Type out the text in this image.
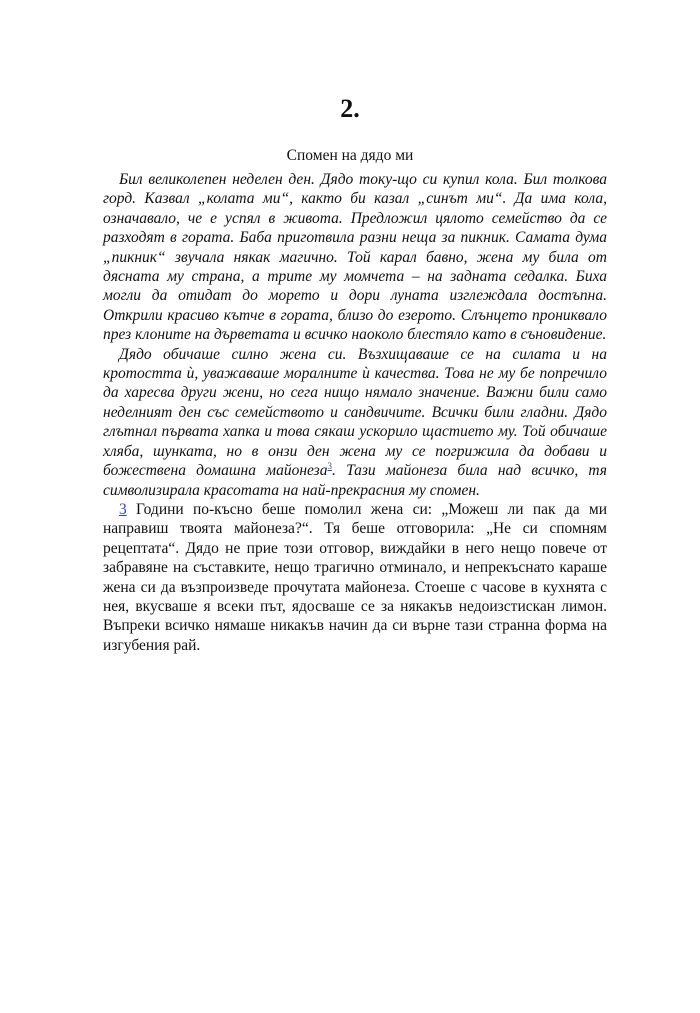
2.
Спомен на дядо ми

Бил великолепен неделен ден. Дядо току-що си купил кола. Бил толкова горд. Казвал „колата ми“, както би казал „синът ми“. Да има кола, означавало, че е успял в живота. Предложил цялото семейство да се разходят в гората. Баба приготвила разни неща за пикник. Самата дума „пикник“ звучала някак магично. Той карал бавно, жена му била от дясната му страна, а трите му момчета – на задната седалка. Биха могли да отидат до морето и дори луната изглеждала достъпна. Открили красиво кътче в гората, близо до езерото. Слънцето прониквало през клоните на дърветата и всичко наоколо блестяло като в съновидение.

Дядо обичаше силно жена си. Възхищаваше се на силата и на кротостта ѝ, уважаваше моралните ѝ качества. Това не му бе попречило да харесва други жени, но сега нищо нямало значение. Важни били само неделният ден със семейството и сандвичите. Всички били гладни. Дядо глътнал първата хапка и това сякаш ускорило щастието му. Той обичаше хляба, шунката, но в онзи ден жена му се погрижила да добави и божествена домашна майонеза$^3$. Тази майонеза била над всичко, тя символизирала красотата на най-прекрасния му спомен.

3 Години по-късно беше помолил жена си: „Можеш ли пак да ми направиш твоята майонеза?“. Тя беше отговорила: „Не си спомням рецептата“. Дядо не прие този отговор, виждайки в него нещо повече от забравяне на съставките, нещо трагично отминало, и непрекъснато караше жена си да възпроизведе прочутата майонеза. Стоеше с часове в кухнята с нея, вкусваше я всеки път, ядосваше се за някакъв недоизстискан лимон. Въпреки всичко нямаше никакъв начин да си върне тази странна форма на изгубения рай.
